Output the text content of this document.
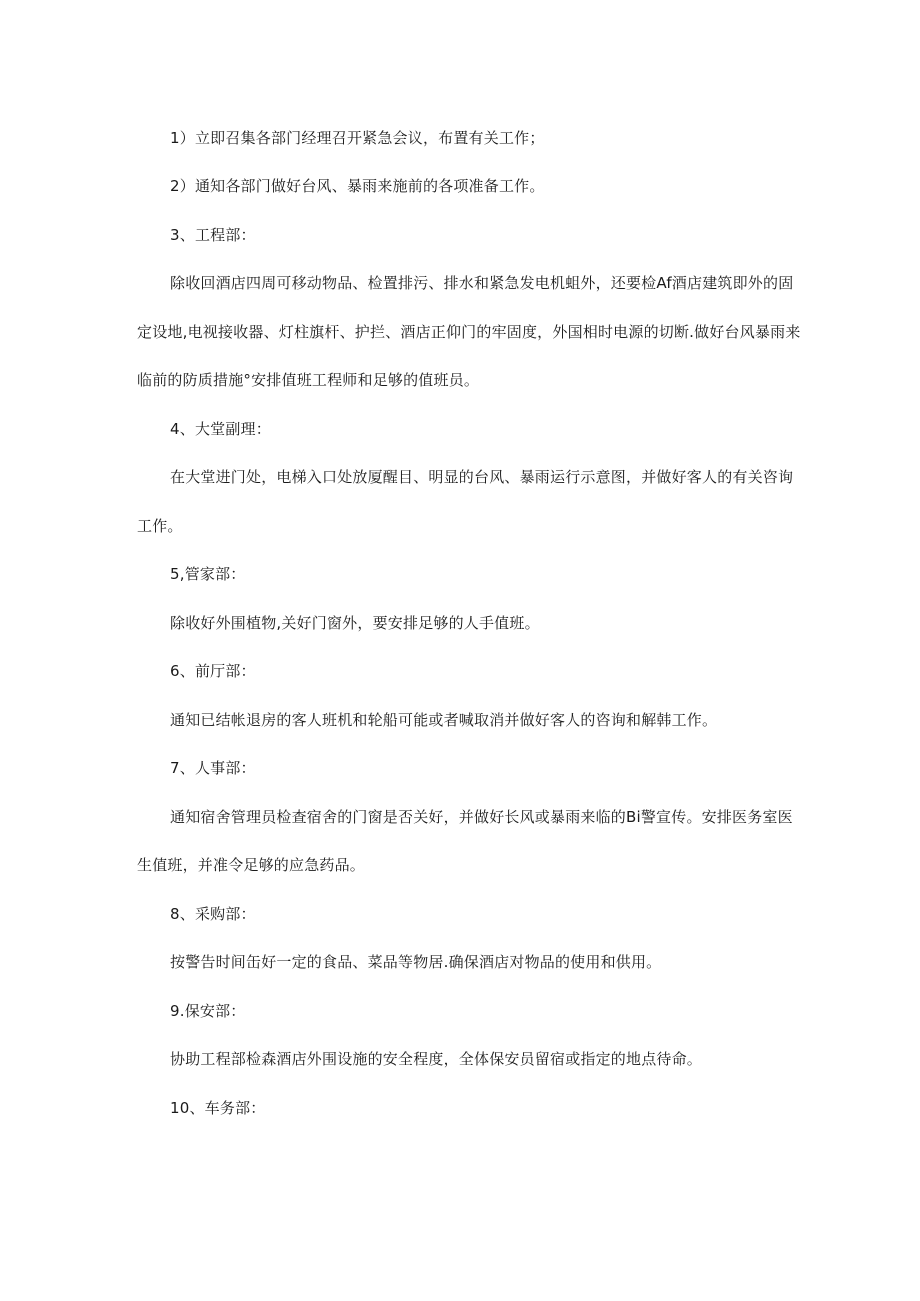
1）立即召集各部门经理召开紧急会议，布置有关工作；
2）通知各部门做好台风、暴雨来施前的各项准备工作。
3、工程部：
除收回酒店四周可移动物品、检置排污、排水和紧急发电机蛆外，还要检Af酒店建筑即外的固
定设地,电视接收器、灯柱旗杆、护拦、酒店正仰门的牢固度，外国相时电源的切断.做好台风暴雨来
临前的防质措施°安排值班工程师和足够的值班员。
4、大堂副理：
在大堂进门处，电梯入口处放厦醒目、明显的台风、暴雨运行示意图，并做好客人的有关咨询
工作。
5,管家部：
除收好外围植物,关好门窗外，要安排足够的人手值班。
6、前厅部：
通知已结帐退房的客人班机和轮船可能或者喊取消并做好客人的咨询和解韩工作。
7、人事部：
通知宿舍管理员检查宿舍的门窗是否关好，并做好长风或暴雨来临的Bi警宣传。安排医务室医
生值班，并准令足够的应急药品。
8、采购部：
按警告时间缶好一定的食品、菜品等物居.确保酒店对物品的使用和供用。
9.保安部：
协助工程部检森酒店外围设施的安全程度，全体保安员留宿或指定的地点待命。
10、车务部：
